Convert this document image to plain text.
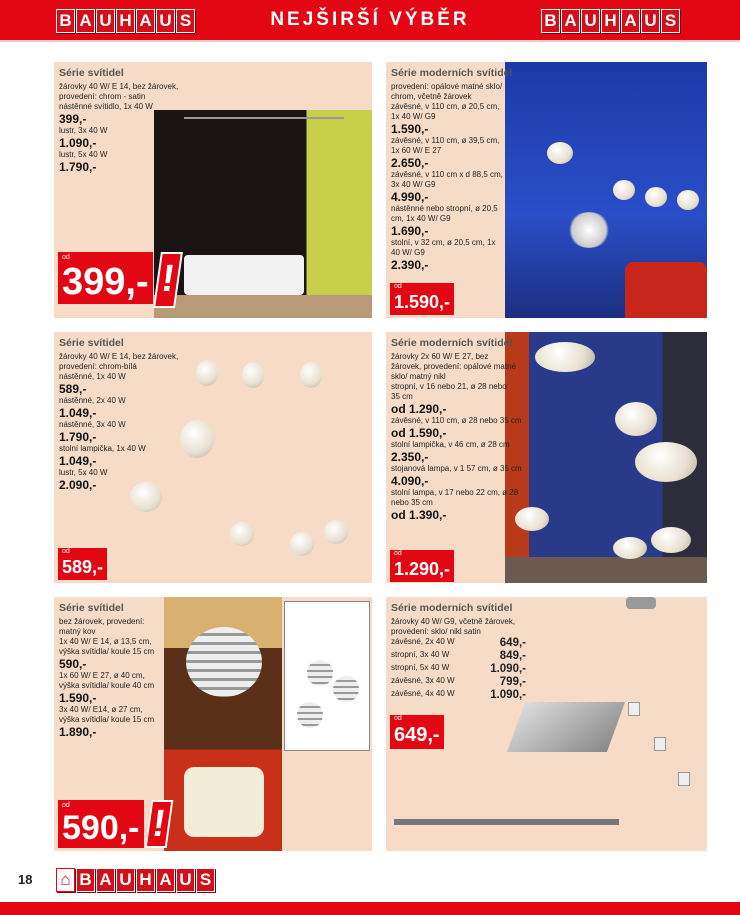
B A U H A U S	NEJŠIRŠÍ VÝBĚR	B A U H A U S
Série svítidel
žárovky 40 W/ E 14, bez žárovek, provedení: chrom - satin
nástěnné svítidlo, 1x 40 W
399,-
lustr, 3x 40 W
1.090,-
lustr, 5x 40 W
1.790,-
od
399,- !
Série moderních svítidel
provedení: opálové matné sklo/ chrom, včetně žárovek
závěsné, v 110 cm, ø 20,5 cm, 1x 40 W/ G9
1.590,-
závěsné, v 110 cm, ø 39,5 cm, 1x 60 W/ E 27
2.650,-
závěsné, v 110 cm x d 88,5 cm, 3x 40 W/ G9
4.990,-
nástěnné nebo stropní, ø 20,5 cm, 1x 40 W/ G9
1.690,-
stolní, v 32 cm, ø 20,5 cm, 1x 40 W/ G9
2.390,-
od
1.590,-
Série svítidel
žárovky 40 W/ E 14, bez žárovek, provedení: chrom-bílá
nástěnné, 1x 40 W
589,-
nástěnné, 2x 40 W
1.049,-
nástěnné, 3x 40 W
1.790,-
stolní lampička, 1x 40 W
1.049,-
lustr, 5x 40 W
2.090,-
od
589,-
Série moderních svítidel
žárovky 2x 60 W/ E 27, bez žárovek, provedení: opálové matné sklo/ matný nikl
stropní, v 16 nebo 21, ø 28 nebo 35 cm
od 1.290,-
závěsné, v 110 cm, ø 28 nebo 35 cm
od 1.590,-
stolní lampička, v 46 cm, ø 28 cm
2.350,-
stojanová lampa, v 1 57 cm, ø 35 cm
4.090,-
stolní lampa, v 17 nebo 22 cm, ø 28 nebo 35 cm
od 1.390,-
od
1.290,-
Série svítidel
bez žárovek, provedení: matný kov
1x 40 W/ E 14, ø 13,5 cm, výška svítidla/ koule 15 cm
590,-
1x 60 W/ E 27, ø 40 cm, výška svítidla/ koule 40 cm
1.590,-
3x 40 W/ E14, ø 27 cm, výška svítidla/ koule 15 cm
1.890,-
od
590,- !
Série moderních svítidel
žárovky 40 W/ G9, včetně žárovek, provedení: sklo/ nikl satin
závěsné, 2x 40 W	649,-
stropní, 3x 40 W	849,-
stropní, 5x 40 W	1.090,-
závěsné, 3x 40 W	799,-
závěsné, 4x 40 W	1.090,-
od
649,-
18 ⌂ B A U H A U S
